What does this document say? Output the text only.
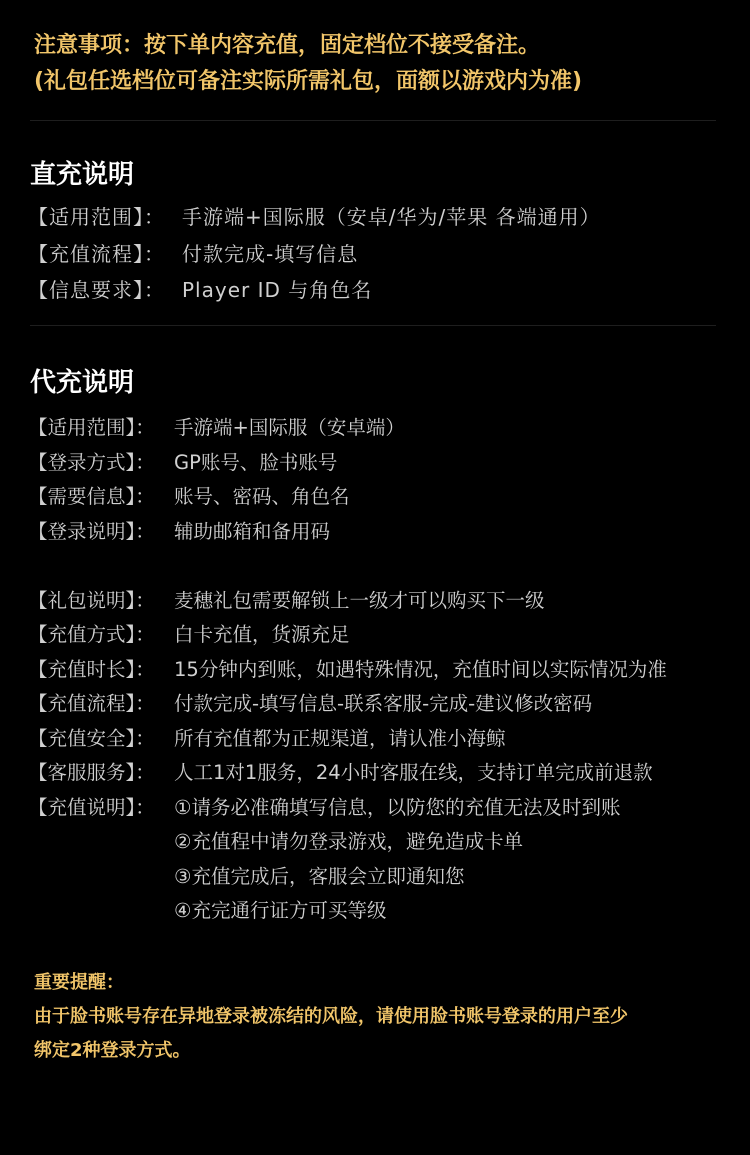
注意事项：按下单内容充值，固定档位不接受备注。
(礼包任选档位可备注实际所需礼包，面额以游戏内为准)
直充说明
【适用范围】： 手游端+国际服（安卓/华为/苹果 各端通用）
【充值流程】： 付款完成-填写信息
【信息要求】： Player ID 与角色名
代充说明
【适用范围】： 手游端+国际服（安卓端）
【登录方式】： GP账号、脸书账号
【需要信息】： 账号、密码、角色名
【登录说明】： 辅助邮箱和备用码
【礼包说明】： 麦穗礼包需要解锁上一级才可以购买下一级
【充值方式】： 白卡充值，货源充足
【充值时长】： 15分钟内到账，如遇特殊情况，充值时间以实际情况为准
【充值流程】： 付款完成-填写信息-联系客服-完成-建议修改密码
【充值安全】： 所有充值都为正规渠道，请认准小海鲸
【客服服务】： 人工1对1服务，24小时客服在线，支持订单完成前退款
【充值说明】： ①请务必准确填写信息，以防您的充值无法及时到账
②充值程中请勿登录游戏，避免造成卡单
③充值完成后，客服会立即通知您
④充完通行证方可买等级
重要提醒：
由于脸书账号存在异地登录被冻结的风险，请使用脸书账号登录的用户至少
绑定2种登录方式。
